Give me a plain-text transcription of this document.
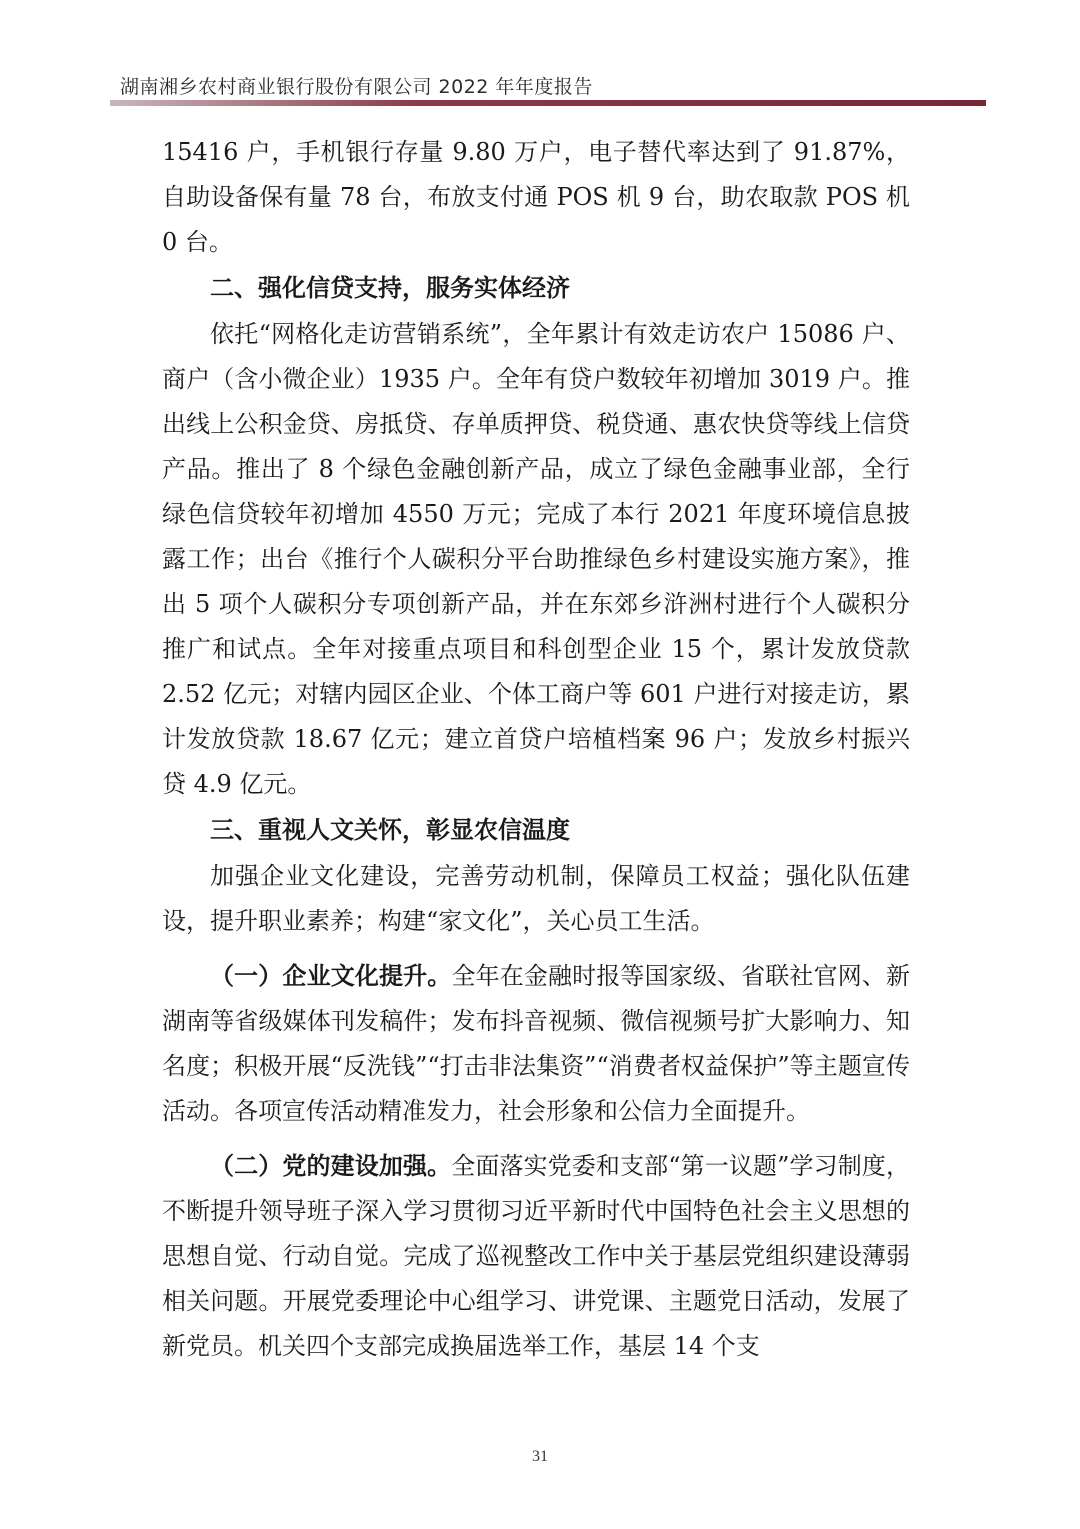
湖南湘乡农村商业银行股份有限公司 2022 年年度报告

15416 户，手机银行存量 9.80 万户，电子替代率达到了 91.87%，自助设备保有量 78 台，布放支付通 POS 机 9 台，助农取款 POS 机 0 台。

二、强化信贷支持，服务实体经济

依托“网格化走访营销系统”，全年累计有效走访农户 15086 户、商户（含小微企业）1935 户。全年有贷户数较年初增加 3019 户。推出线上公积金贷、房抵贷、存单质押贷、税贷通、惠农快贷等线上信贷产品。推出了 8 个绿色金融创新产品，成立了绿色金融事业部，全行绿色信贷较年初增加 4550 万元；完成了本行 2021 年度环境信息披露工作；出台《推行个人碳积分平台助推绿色乡村建设实施方案》，推出 5 项个人碳积分专项创新产品，并在东郊乡浒洲村进行个人碳积分推广和试点。全年对接重点项目和科创型企业 15 个，累计发放贷款 2.52 亿元；对辖内园区企业、个体工商户等 601 户进行对接走访，累计发放贷款 18.67 亿元；建立首贷户培植档案 96 户；发放乡村振兴贷 4.9 亿元。

三、重视人文关怀，彰显农信温度

加强企业文化建设，完善劳动机制，保障员工权益；强化队伍建设，提升职业素养；构建“家文化”，关心员工生活。

（一）企业文化提升。全年在金融时报等国家级、省联社官网、新湖南等省级媒体刊发稿件；发布抖音视频、微信视频号扩大影响力、知名度；积极开展“反洗钱”“打击非法集资”“消费者权益保护”等主题宣传活动。各项宣传活动精准发力，社会形象和公信力全面提升。

（二）党的建设加强。全面落实党委和支部“第一议题”学习制度，不断提升领导班子深入学习贯彻习近平新时代中国特色社会主义思想的思想自觉、行动自觉。完成了巡视整改工作中关于基层党组织建设薄弱相关问题。开展党委理论中心组学习、讲党课、主题党日活动，发展了新党员。机关四个支部完成换届选举工作，基层 14 个支

31
